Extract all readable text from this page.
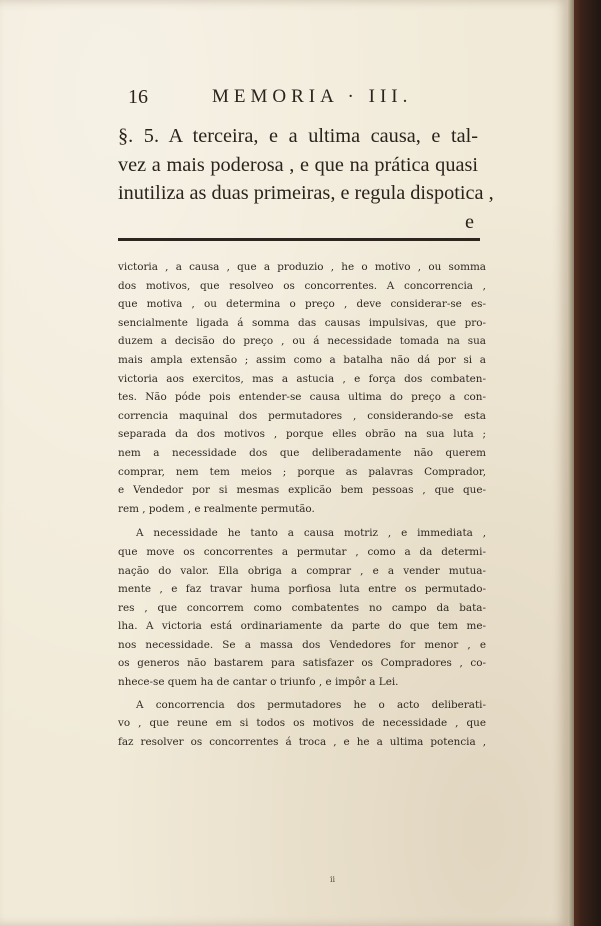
16	MEMORIA · III.
§. 5. A terceira, e a ultima causa, e tal-
vez a mais poderosa , e que na prática quasi
inutiliza as duas primeiras, e regula dispotica ,
e
victoria , a causa , que a produzio , he o motivo , ou somma
dos motivos, que resolveo os concorrentes. A concorrencia ,
que motiva , ou determina o preço , deve considerar-se es-
sencialmente ligada á somma das causas impulsivas, que pro-
duzem a decisão do preço , ou á necessidade tomada na sua
mais ampla extensão ; assim como a batalha não dá por si a
victoria aos exercitos, mas a astucia , e força dos combaten-
tes. Não póde pois entender-se causa ultima do preço a con-
correncia maquinal dos permutadores , considerando-se esta
separada da dos motivos , porque elles obrão na sua luta ;
nem a necessidade dos que deliberadamente não querem
comprar, nem tem meios ; porque as palavras Comprador,
e Vendedor por si mesmas explicão bem pessoas , que que-
rem , podem , e realmente permutão.
A necessidade he tanto a causa motriz , e immediata ,
que move os concorrentes a permutar , como a da determi-
nação do valor. Ella obriga a comprar , e a vender mutua-
mente , e faz travar huma porfiosa luta entre os permutado-
res , que concorrem como combatentes no campo da bata-
lha. A victoria está ordinariamente da parte do que tem me-
nos necessidade. Se a massa dos Vendedores for menor , e
os generos não bastarem para satisfazer os Compradores , co-
nhece-se quem ha de cantar o triunfo , e impôr a Lei.
A concorrencia dos permutadores he o acto deliberati-
vo , que reune em si todos os motivos de necessidade , que
faz resolver os concorrentes á troca , e he a ultima potencia ,
ii
